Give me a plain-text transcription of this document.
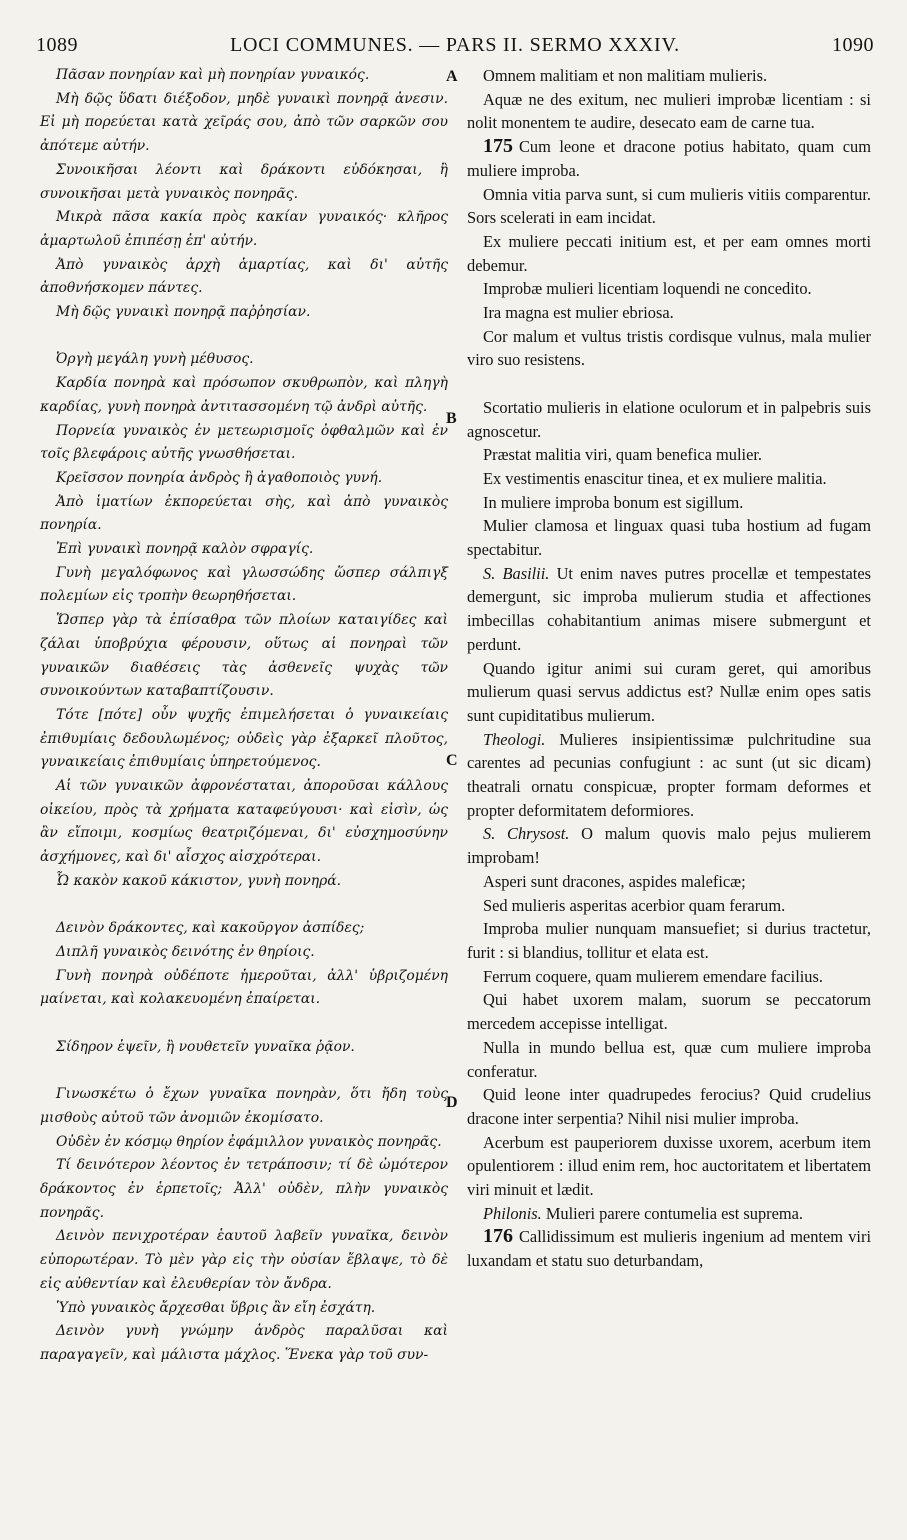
1089	LOCI COMMUNES. — PARS II. SERMO XXXIV.	1090

Πᾶσαν πονηρίαν καὶ μὴ πονηρίαν γυναικός.

Μὴ δῷς ὕδατι διέξοδον, μηδὲ γυναικὶ πονηρᾷ ἀνεσιν. Εἰ μὴ πορεύεται κατὰ χεῖράς σου, ἀπὸ τῶν σαρκῶν σου ἀπότεμε αὐτήν.

Συνοικῆσαι λέοντι καὶ δράκοντι εὐδόκησαι, ἢ συνοικῆσαι μετὰ γυναικὸς πονηρᾶς.

Μικρὰ πᾶσα κακία πρὸς κακίαν γυναικός· κλῆρος ἁμαρτωλοῦ ἐπιπέσῃ ἐπ' αὐτήν.

Ἀπὸ γυναικὸς ἀρχὴ ἁμαρτίας, καὶ δι' αὐτῆς ἀποθνήσκομεν πάντες.

Μὴ δῷς γυναικὶ πονηρᾷ παῤῥησίαν.

Ὀργὴ μεγάλη γυνὴ μέθυσος.

Καρδία πονηρὰ καὶ πρόσωπον σκυθρωπὸν, καὶ πληγὴ καρδίας, γυνὴ πονηρὰ ἀντιτασσομένη τῷ ἀνδρὶ αὐτῆς.

Πορνεία γυναικὸς ἐν μετεωρισμοῖς ὀφθαλμῶν καὶ ἐν τοῖς βλεφάροις αὐτῆς γνωσθήσεται.

Κρεῖσσον πονηρία ἀνδρὸς ἢ ἀγαθοποιὸς γυνή.

Ἀπὸ ἱματίων ἐκπορεύεται σὴς, καὶ ἀπὸ γυναικὸς πονηρία.

Ἐπὶ γυναικὶ πονηρᾷ καλὸν σφραγίς.

Γυνὴ μεγαλόφωνος καὶ γλωσσώδης ὥσπερ σάλπιγξ πολεμίων εἰς τροπὴν θεωρηθήσεται.

Ὥσπερ γὰρ τὰ ἐπίσαθρα τῶν πλοίων καταιγίδες καὶ ζάλαι ὑποβρύχια φέρουσιν, οὕτως αἱ πονηραὶ τῶν γυναικῶν διαθέσεις τὰς ἀσθενεῖς ψυχὰς τῶν συνοικούντων καταβαπτίζουσιν.

Τότε [πότε] οὖν ψυχῆς ἐπιμελήσεται ὁ γυναικείαις ἐπιθυμίαις δεδουλωμένος; οὐδεὶς γὰρ ἐξαρκεῖ πλοῦτος, γυναικείαις ἐπιθυμίαις ὑπηρετούμενος.

Αἱ τῶν γυναικῶν ἀφρονέσταται, ἀποροῦσαι κάλλους οἰκείου, πρὸς τὰ χρήματα καταφεύγουσι· καὶ εἰσὶν, ὡς ἂν εἴποιμι, κοσμίως θεατριζόμεναι, δι' εὐσχημοσύνην ἀσχήμονες, καὶ δι' αἶσχος αἰσχρότεραι.

Ὦ κακὸν κακοῦ κάκιστον, γυνὴ πονηρά.

Δεινὸν δράκοντες, καὶ κακοῦργον ἀσπίδες;

Διπλῆ γυναικὸς δεινότης ἐν θηρίοις.

Γυνὴ πονηρὰ οὐδέποτε ἡμεροῦται, ἀλλ' ὑβριζομένη μαίνεται, καὶ κολακευομένη ἐπαίρεται.

Σίδηρον ἑψεῖν, ἢ νουθετεῖν γυναῖκα ῥᾷον.

Γινωσκέτω ὁ ἔχων γυναῖκα πονηρὰν, ὅτι ἤδη τοὺς μισθοὺς αὐτοῦ τῶν ἀνομιῶν ἐκομίσατο.

Οὐδὲν ἐν κόσμῳ θηρίον ἐφάμιλλον γυναικὸς πονηρᾶς.

Τί δεινότερον λέοντος ἐν τετράποσιν; τί δὲ ὠμότερον δράκοντος ἐν ἑρπετοῖς; Ἀλλ' οὐδὲν, πλὴν γυναικὸς πονηρᾶς.

Δεινὸν πενιχροτέραν ἑαυτοῦ λαβεῖν γυναῖκα, δεινὸν εὐπορωτέραν. Τὸ μὲν γὰρ εἰς τὴν οὐσίαν ἔβλαψε, τὸ δὲ εἰς αὐθεντίαν καὶ ἐλευθερίαν τὸν ἄνδρα.

Ὑπὸ γυναικὸς ἄρχεσθαι ὕβρις ἂν εἴη ἐσχάτη.

Δεινὸν γυνὴ γνώμην ἀνδρὸς παραλῦσαι καὶ παραγαγεῖν, καὶ μάλιστα μάχλος. Ἕνεκα γὰρ τοῦ συν-

Omnem malitiam et non malitiam mulieris.

Aquæ ne des exitum, nec mulieri improbæ licentiam : si nolit monentem te audire, desecato eam de carne tua.

175 Cum leone et dracone potius habitato, quam cum muliere improba.

Omnia vitia parva sunt, si cum mulieris vitiis comparentur. Sors scelerati in eam incidat.

Ex muliere peccati initium est, et per eam omnes morti debemur.

Improbæ mulieri licentiam loquendi ne concedito.

Ira magna est mulier ebriosa.

Cor malum et vultus tristis cordisque vulnus, mala mulier viro suo resistens.

Scortatio mulieris in elatione oculorum et in palpebris suis agnoscetur.

Præstat malitia viri, quam benefica mulier.

Ex vestimentis enascitur tinea, et ex muliere malitia.

In muliere improba bonum est sigillum.

Mulier clamosa et linguax quasi tuba hostium ad fugam spectabitur.

S. Basilii. Ut enim naves putres procellæ et tempestates demergunt, sic improba mulierum studia et affectiones imbecillas cohabitantium animas misere submergunt et perdunt.

Quando igitur animi sui curam geret, qui amoribus mulierum quasi servus addictus est? Nullæ enim opes satis sunt cupiditatibus mulierum.

Theologi. Mulieres insipientissimæ pulchritudine sua carentes ad pecunias confugiunt : ac sunt (ut sic dicam) theatrali ornatu conspicuæ, propter formam deformes et propter deformitatem deformiores.

S. Chrysost. O malum quovis malo pejus mulierem improbam!

Asperi sunt dracones, aspides maleficæ;

Sed mulieris asperitas acerbior quam ferarum.

Improba mulier nunquam mansuefiet; si durius tractetur, furit : si blandius, tollitur et elata est.

Ferrum coquere, quam mulierem emendare facilius.

Qui habet uxorem malam, suorum se peccatorum mercedem accepisse intelligat.

Nulla in mundo bellua est, quæ cum muliere improba conferatur.

Quid leone inter quadrupedes ferocius? Quid crudelius dracone inter serpentia? Nihil nisi mulier improba.

Acerbum est pauperiorem duxisse uxorem, acerbum item opulentiorem : illud enim rem, hoc auctoritatem et libertatem viri minuit et lædit.

Philonis. Mulieri parere contumelia est suprema.

176 Callidissimum est mulieris ingenium ad mentem viri luxandam et statu suo deturbandam,

A
B
C
D
